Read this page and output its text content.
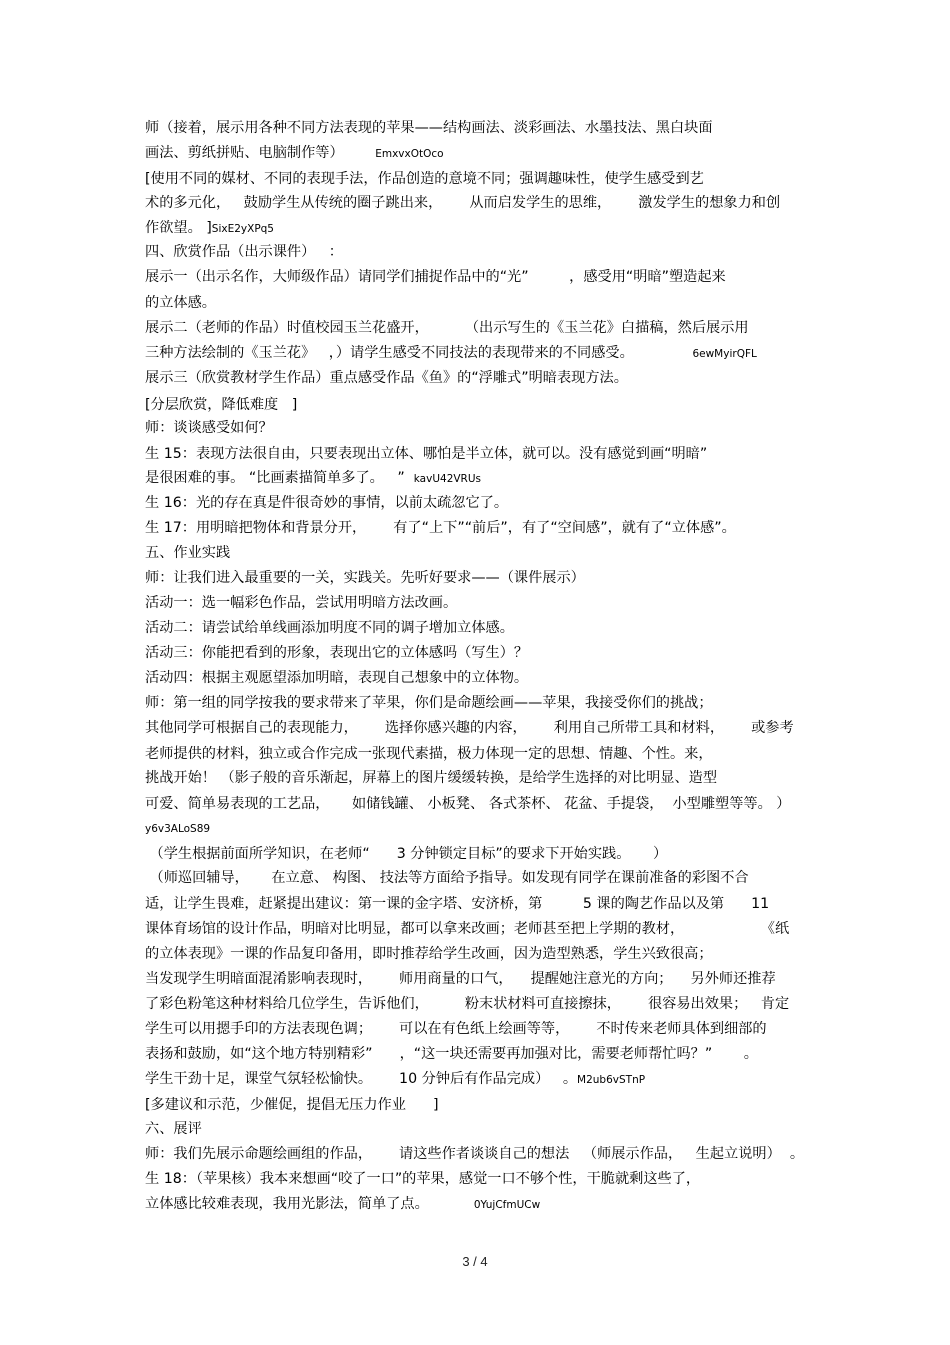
师（接着，展示用各种不同方法表现的苹果——结构画法、淡彩画法、水墨技法、黑白块面
画法、剪纸拼贴、电脑制作等）	EmxvxOtOco
[使用不同的媒材、不同的表现手法，作品创造的意境不同；强调趣味性，使学生感受到艺
术的多元化，   鼓励学生从传统的圈子跳出来，      从而启发学生的思维，      激发学生的想象力和创
作欲望。 ]SixE2yXPq5
四、欣赏作品（出示课件）   ：
展示一（出示名作，大师级作品）请同学们捕捉作品中的“光”         ，感受用“明暗”塑造起来
的立体感。
展示二（老师的作品）时值校园玉兰花盛开，        （出示写生的《玉兰花》白描稿，然后展示用
三种方法绘制的《玉兰花》   ，）请学生感受不同技法的表现带来的不同感受。	6ewMyirQFL
展示三（欣赏教材学生作品）重点感受作品《鱼》的“浮雕式”明暗表现方法。
[分层欣赏，降低难度   ]
师：谈谈感受如何？
生 15：表现方法很自由，只要表现出立体、哪怕是半立体，就可以。没有感觉到画“明暗”
是很困难的事。 “比画素描简单多了。   ” kavU42VRUs
生 16：光的存在真是件很奇妙的事情，以前太疏忽它了。
生 17：用明暗把物体和背景分开，      有了“上下”“前后”，有了“空间感”，就有了“立体感”。
五、作业实践
师：让我们进入最重要的一关，实践关。先听好要求——（课件展示）
活动一：选一幅彩色作品，尝试用明暗方法改画。
活动二：请尝试给单线画添加明度不同的调子增加立体感。
活动三：你能把看到的形象，表现出它的立体感吗（写生）？
活动四：根据主观愿望添加明暗，表现自己想象中的立体物。
师：第一组的同学按我的要求带来了苹果，你们是命题绘画——苹果，我接受你们的挑战；
其他同学可根据自己的表现能力，      选择你感兴趣的内容，      利用自己所带工具和材料，      或参考
老师提供的材料，独立或合作完成一张现代素描，极力体现一定的思想、情趣、个性。来，
挑战开始！ （影子般的音乐渐起，屏幕上的图片缓缓转换，是给学生选择的对比明显、造型
可爱、简单易表现的工艺品，     如储钱罐、 小板凳、 各式茶杯、 花盆、手提袋，  小型雕塑等等。 ）
y6v3ALoS89
（学生根据前面所学知识，在老师“      3 分钟锁定目标”的要求下开始实践。     ）
（师巡回辅导，     在立意、 构图、 技法等方面给予指导。如发现有同学在课前准备的彩图不合
适，让学生畏难，赶紧提出建议：第一课的金字塔、安济桥，第         5 课的陶艺作品以及第      11
课体育场馆的设计作品，明暗对比明显，都可以拿来改画；老师甚至把上学期的教材，                 《纸
的立体表现》一课的作品复印备用，即时推荐给学生改画，因为造型熟悉，学生兴致很高；
当发现学生明暗面混淆影响表现时，      师用商量的口气，    提醒她注意光的方向；    另外师还推荐
了彩色粉笔这种材料给几位学生，告诉他们，        粉末状材料可直接擦抹，      很容易出效果；   肯定
学生可以用摁手印的方法表现色调；      可以在有色纸上绘画等等，      不时传来老师具体到细部的
表扬和鼓励，如“这个地方特别精彩”      ，“这一块还需要再加强对比，需要老师帮忙吗？”       。
学生干劲十足，课堂气氛轻松愉快。      10 分钟后有作品完成）   。M2ub6vSTnP
[多建议和示范，少催促，提倡无压力作业      ]
六、展评
师：我们先展示命题绘画组的作品，      请这些作者谈谈自己的想法   （师展示作品，   生起立说明）  。
生 18：（苹果核）我本来想画“咬了一口”的苹果，感觉一口不够个性，干脆就剩这些了，
立体感比较难表现，我用光影法，简单了点。	0YujCfmUCw
3 / 4
